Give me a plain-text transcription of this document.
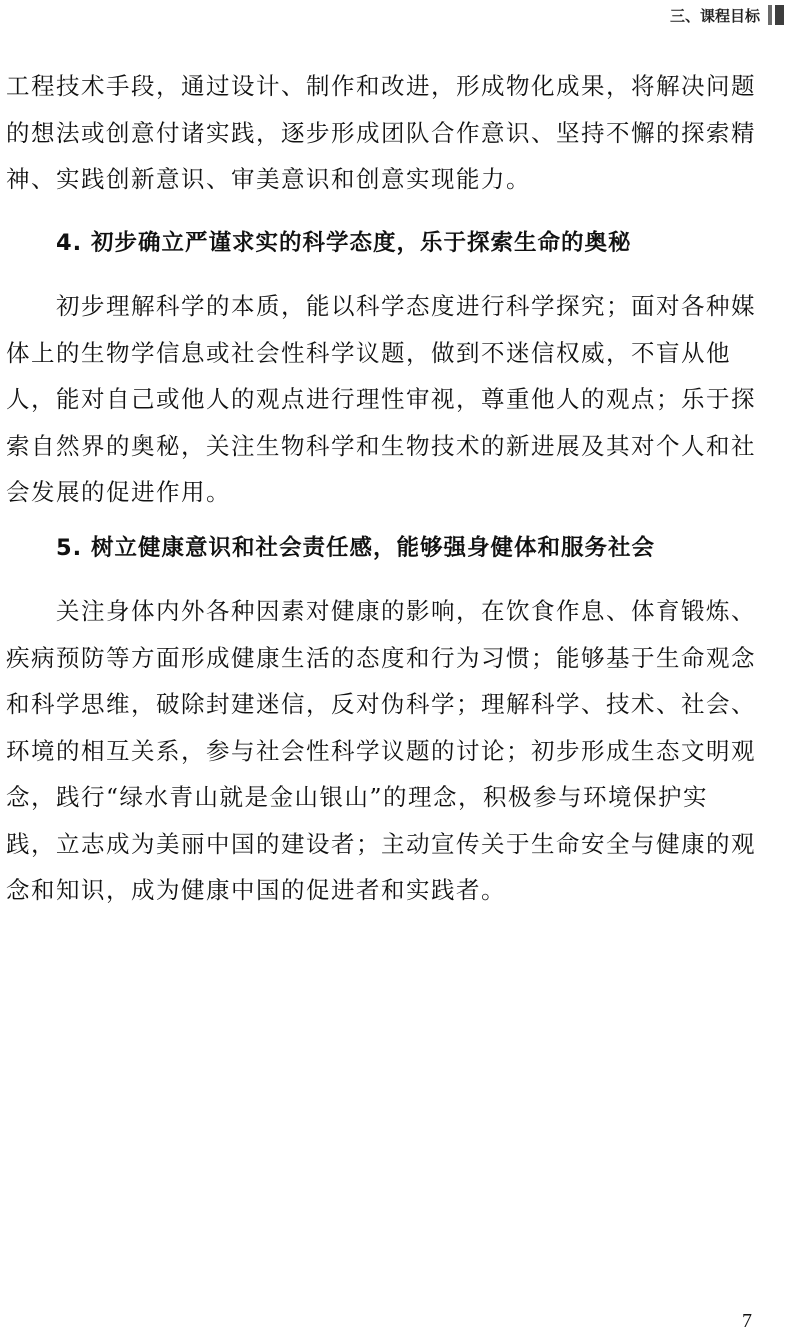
三、课程目标
工程技术手段，通过设计、制作和改进，形成物化成果，将解决问题
的想法或创意付诸实践，逐步形成团队合作意识、坚持不懈的探索精
神、实践创新意识、审美意识和创意实现能力。
4. 初步确立严谨求实的科学态度，乐于探索生命的奥秘
　　初步理解科学的本质，能以科学态度进行科学探究；面对各种媒
体上的生物学信息或社会性科学议题，做到不迷信权威，不盲从他
人，能对自己或他人的观点进行理性审视，尊重他人的观点；乐于探
索自然界的奥秘，关注生物科学和生物技术的新进展及其对个人和社
会发展的促进作用。
5. 树立健康意识和社会责任感，能够强身健体和服务社会
　　关注身体内外各种因素对健康的影响，在饮食作息、体育锻炼、
疾病预防等方面形成健康生活的态度和行为习惯；能够基于生命观念
和科学思维，破除封建迷信，反对伪科学；理解科学、技术、社会、
环境的相互关系，参与社会性科学议题的讨论；初步形成生态文明观
念，践行“绿水青山就是金山银山”的理念，积极参与环境保护实
践，立志成为美丽中国的建设者；主动宣传关于生命安全与健康的观
念和知识，成为健康中国的促进者和实践者。
7
